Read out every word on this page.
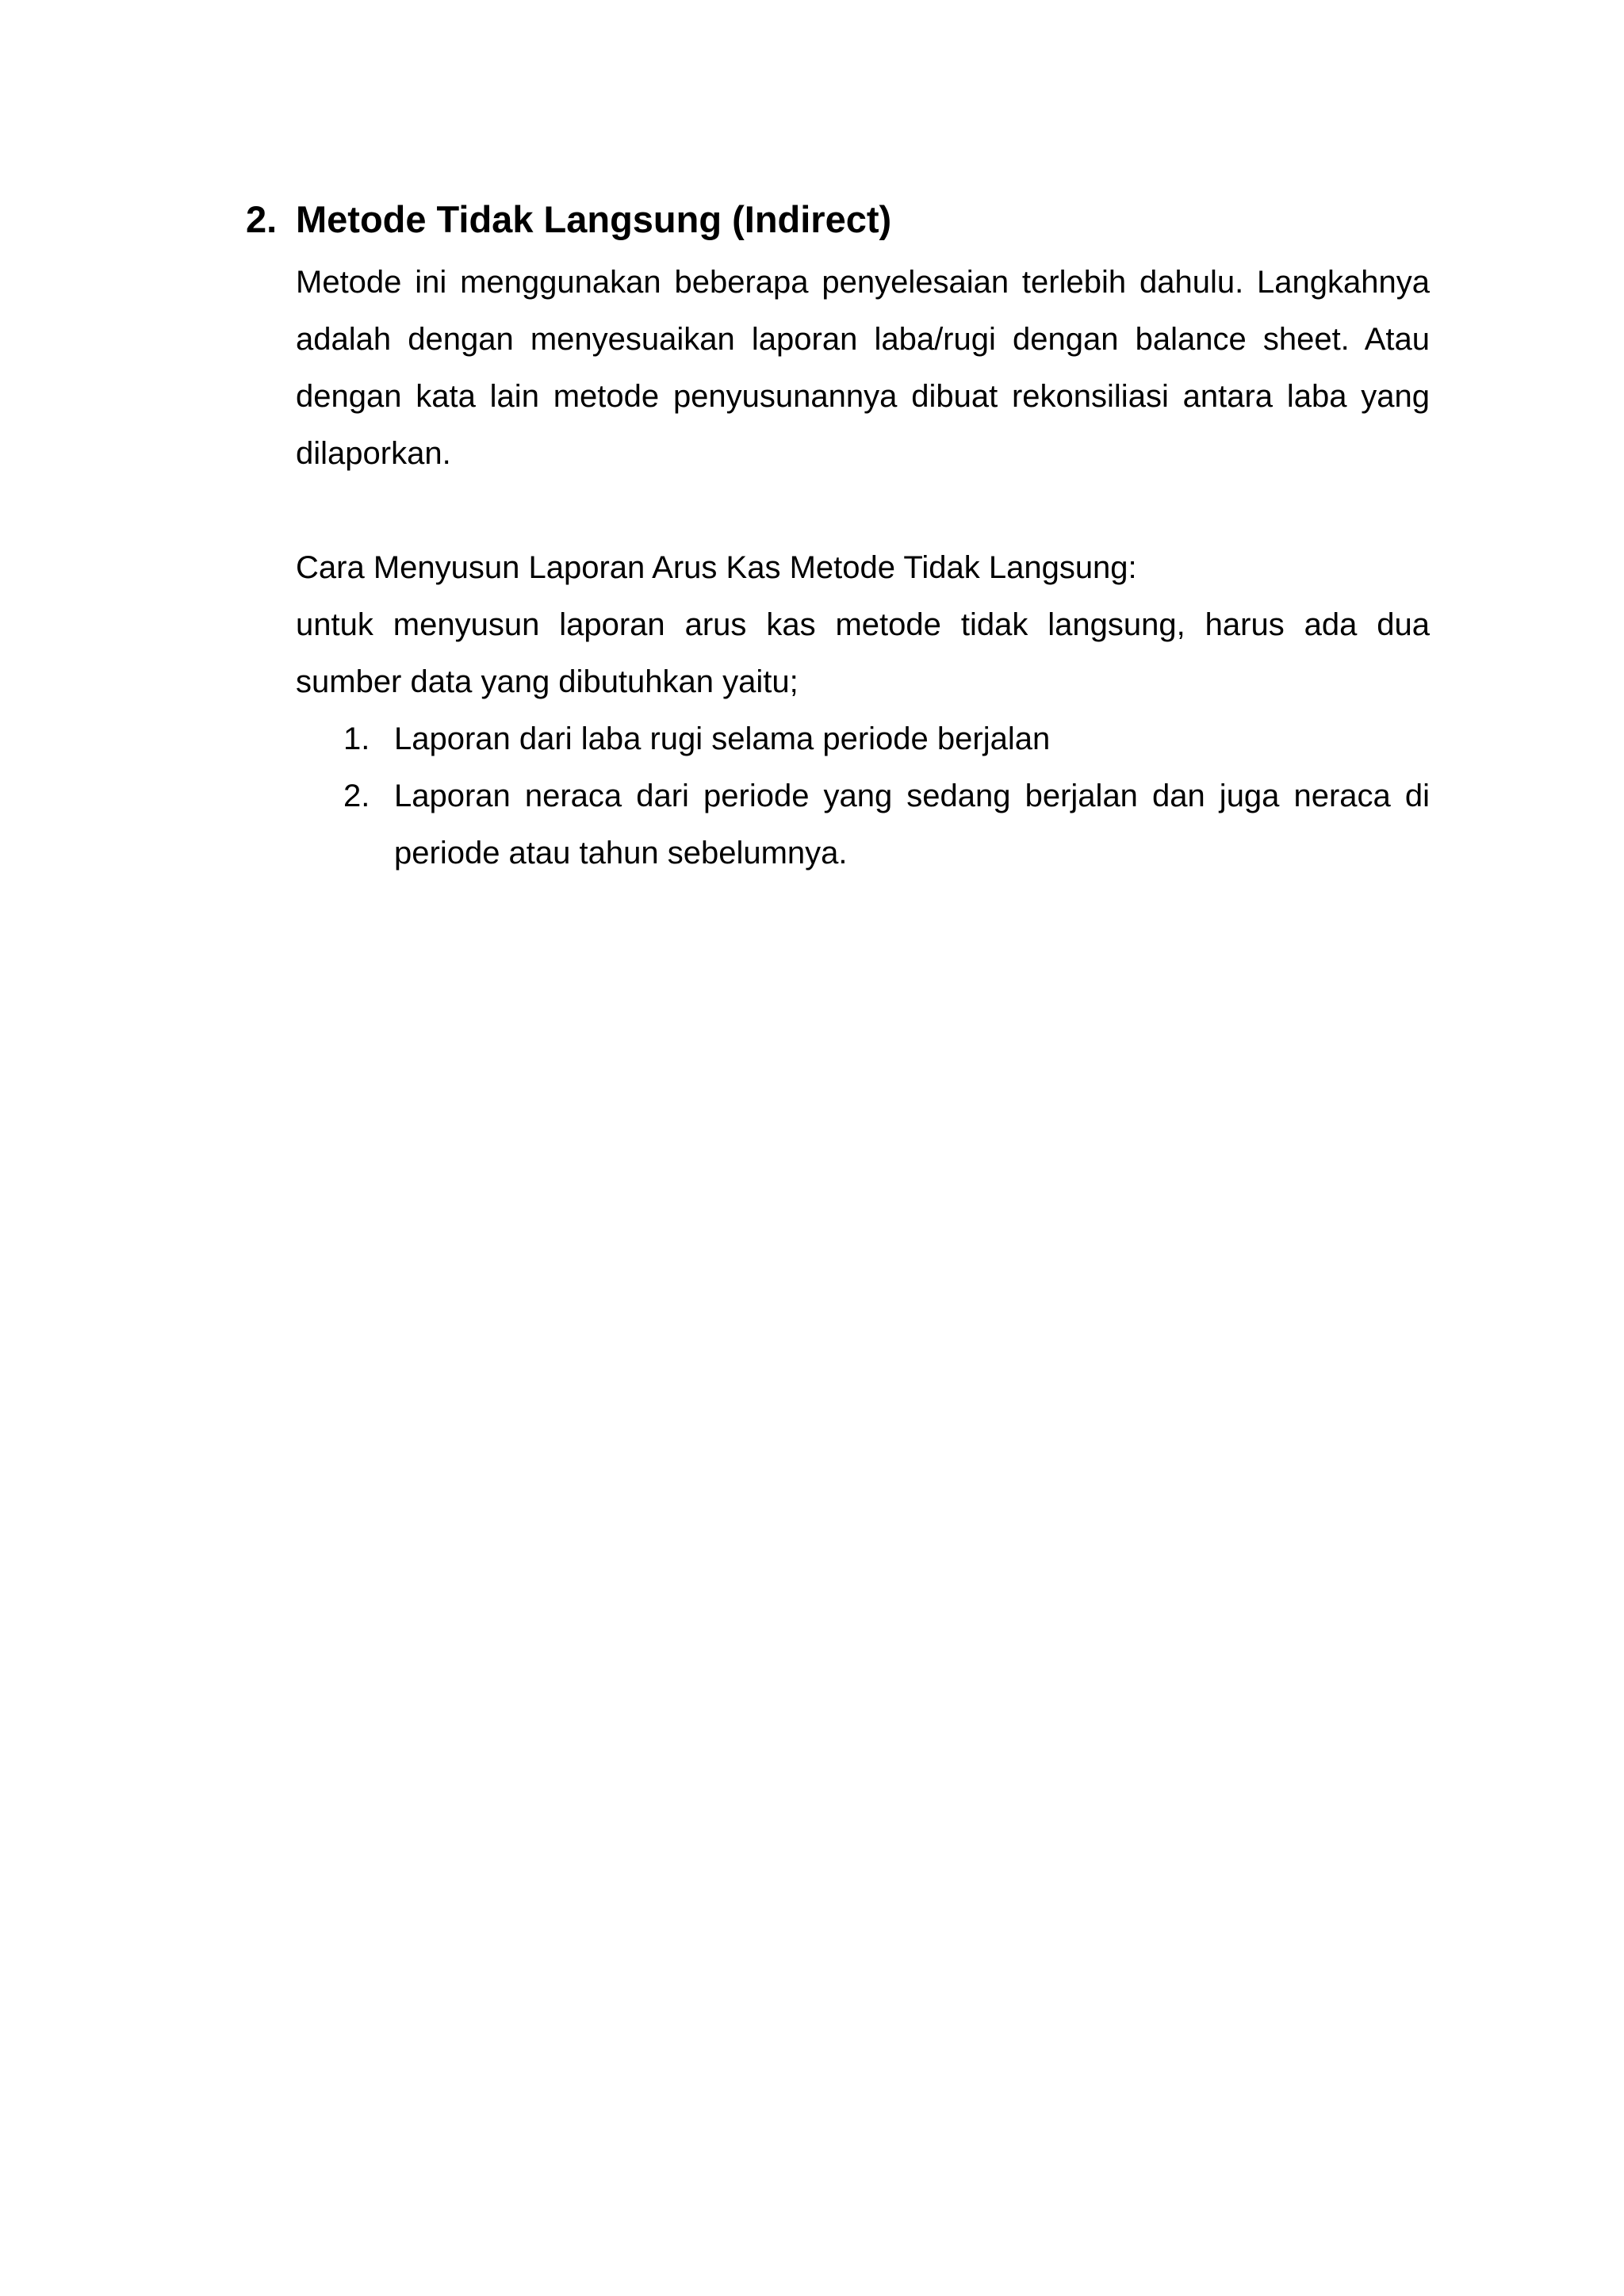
2. Metode Tidak Langsung (Indirect)

Metode ini menggunakan beberapa penyelesaian terlebih dahulu. Langkahnya adalah dengan menyesuaikan laporan laba/rugi dengan balance sheet. Atau dengan kata lain metode penyusunannya dibuat rekonsiliasi antara laba yang dilaporkan.

Cara Menyusun Laporan Arus Kas Metode Tidak Langsung:

untuk menyusun laporan arus kas metode tidak langsung, harus ada dua sumber data yang dibutuhkan yaitu;

1. Laporan dari laba rugi selama periode berjalan
2. Laporan neraca dari periode yang sedang berjalan dan juga neraca di periode atau tahun sebelumnya.
